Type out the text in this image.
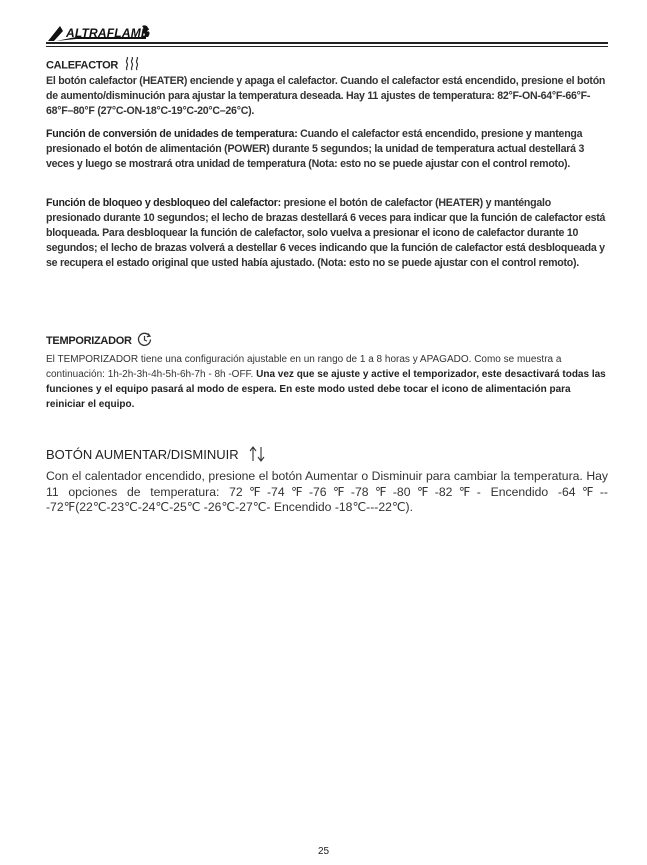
ALTRAFLAME
CALEFACTOR
El botón calefactor (HEATER) enciende y apaga el calefactor. Cuando el calefactor está encendido, presione el botón de aumento/disminución para ajustar la temperatura deseada. Hay 11 ajustes de temperatura: 82°F-ON-64°F-66°F-68°F–80°F (27°C-ON-18°C-19°C-20°C–26°C).
Función de conversión de unidades de temperatura: Cuando el calefactor está encendido, presione y mantenga presionado el botón de alimentación (POWER) durante 5 segundos; la unidad de temperatura actual destellará 3 veces y luego se mostrará otra unidad de temperatura (Nota: esto no se puede ajustar con el control remoto).
Función de bloqueo y desbloqueo del calefactor: presione el botón de calefactor (HEATER) y manténgalo presionado durante 10 segundos; el lecho de brazas destellará 6 veces para indicar que la función de calefactor está bloqueada. Para desbloquear la función de calefactor, solo vuelva a presionar el icono de calefactor durante 10 segundos; el lecho de brazas volverá a destellar 6 veces indicando que la función de calefactor está desbloqueada y se recupera el estado original que usted había ajustado. (Nota: esto no se puede ajustar con el control remoto).
TEMPORIZADOR
El TEMPORIZADOR tiene una configuración ajustable en un rango de 1 a 8 horas y APAGADO. Como se muestra a continuación: 1h-2h-3h-4h-5h-6h-7h - 8h -OFF. Una vez que se ajuste y active el temporizador, este desactivará todas las funciones y el equipo pasará al modo de espera. En este modo usted debe tocar el icono de alimentación para reiniciar el equipo.
BOTÓN AUMENTAR/DISMINUIR
Con el calentador encendido, presione el botón Aumentar o Disminuir para cambiar la temperatura. Hay 11 opciones de temperatura: 72℉-74℉-76℉-78℉-80℉-82℉- Encendido -64℉---72℉(22℃-23℃-24℃-25℃ -26℃-27℃- Encendido -18℃---22℃).
25
